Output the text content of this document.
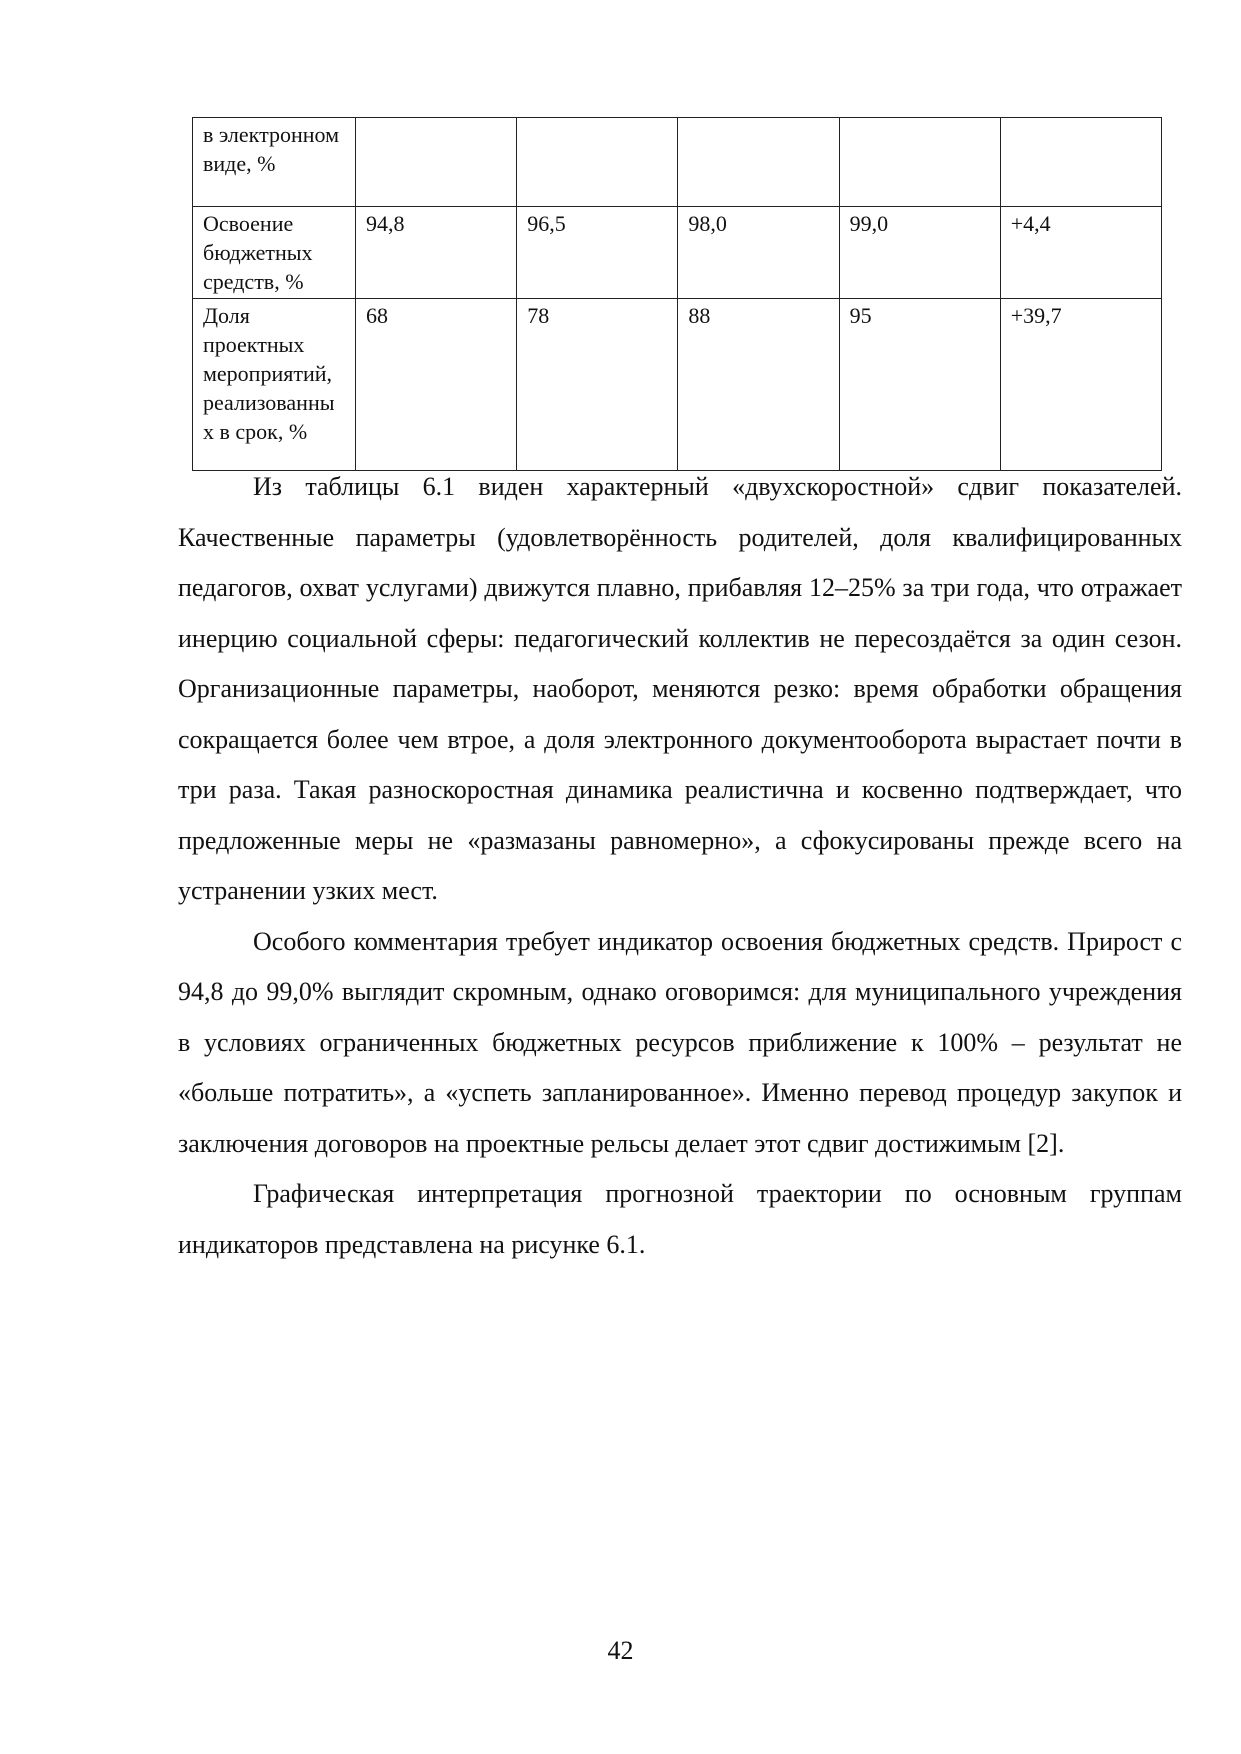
в электронном виде, %					
Освоение бюджетных средств, %	94,8	96,5	98,0	99,0	+4,4
Доля проектных мероприятий, реализованных в срок, %	68	78	88	95	+39,7

Из таблицы 6.1 виден характерный «двухскоростной» сдвиг показателей. Качественные параметры (удовлетворённость родителей, доля квалифицированных педагогов, охват услугами) движутся плавно, прибавляя 12–25% за три года, что отражает инерцию социальной сферы: педагогический коллектив не пересоздаётся за один сезон. Организационные параметры, наоборот, меняются резко: время обработки обращения сокращается более чем втрое, а доля электронного документооборота вырастает почти в три раза. Такая разноскоростная динамика реалистична и косвенно подтверждает, что предложенные меры не «размазаны равномерно», а сфокусированы прежде всего на устранении узких мест.

Особого комментария требует индикатор освоения бюджетных средств. Прирост с 94,8 до 99,0% выглядит скромным, однако оговоримся: для муниципального учреждения в условиях ограниченных бюджетных ресурсов приближение к 100% – результат не «больше потратить», а «успеть запланированное». Именно перевод процедур закупок и заключения договоров на проектные рельсы делает этот сдвиг достижимым [2].

Графическая интерпретация прогнозной траектории по основным группам индикаторов представлена на рисунке 6.1.

42
